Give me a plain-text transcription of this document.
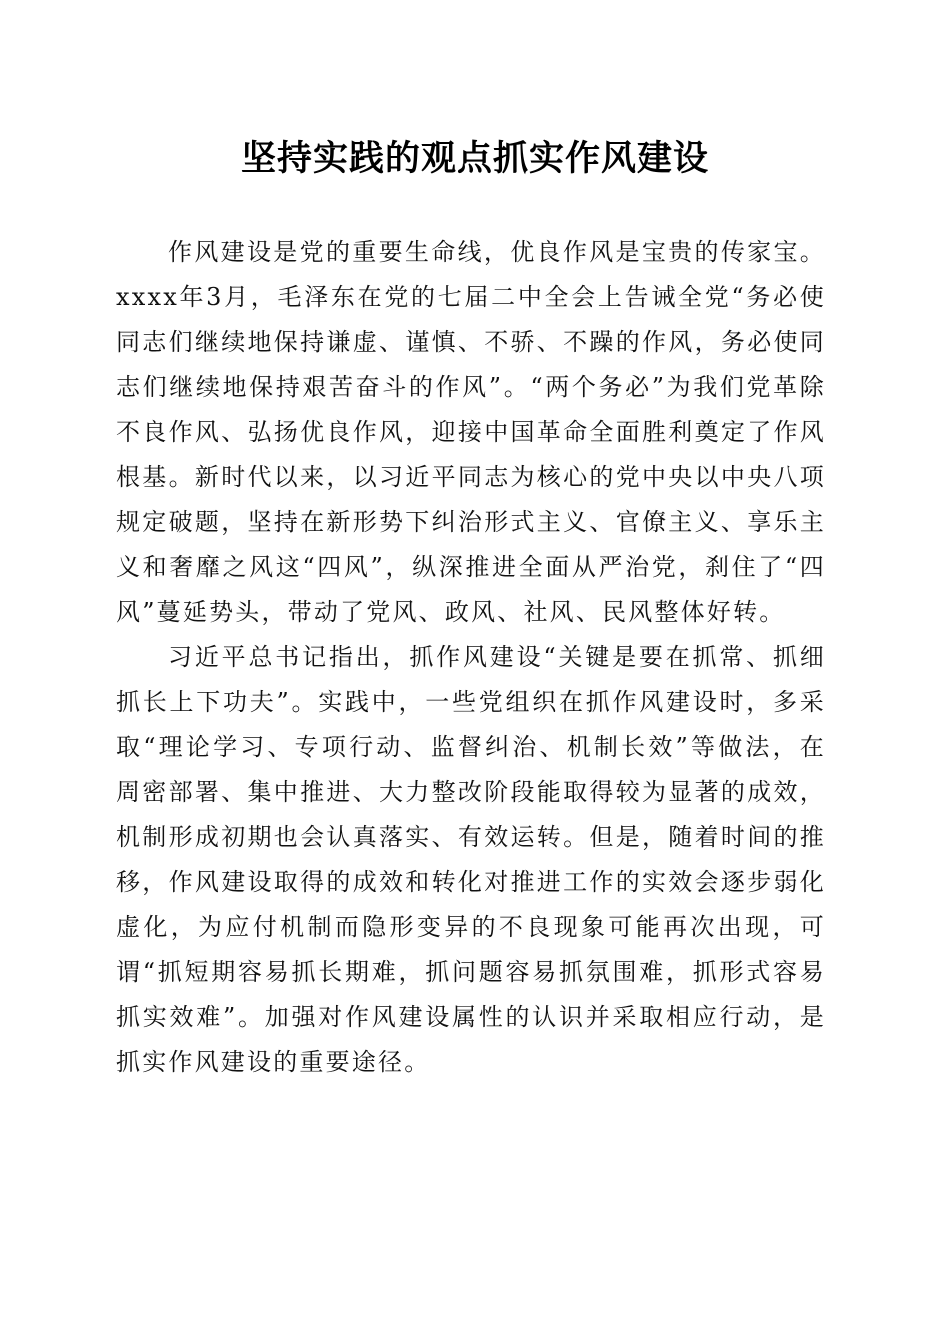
坚持实践的观点抓实作风建设

作风建设是党的重要生命线，优良作风是宝贵的传家宝。xxxx年3月，毛泽东在党的七届二中全会上告诫全党“务必使同志们继续地保持谦虚、谨慎、不骄、不躁的作风，务必使同志们继续地保持艰苦奋斗的作风”。“两个务必”为我们党革除不良作风、弘扬优良作风，迎接中国革命全面胜利奠定了作风根基。新时代以来，以习近平同志为核心的党中央以中央八项规定破题，坚持在新形势下纠治形式主义、官僚主义、享乐主义和奢靡之风这“四风”，纵深推进全面从严治党，刹住了“四风”蔓延势头，带动了党风、政风、社风、民风整体好转。

习近平总书记指出，抓作风建设“关键是要在抓常、抓细抓长上下功夫”。实践中，一些党组织在抓作风建设时，多采取“理论学习、专项行动、监督纠治、机制长效”等做法，在周密部署、集中推进、大力整改阶段能取得较为显著的成效，机制形成初期也会认真落实、有效运转。但是，随着时间的推移，作风建设取得的成效和转化对推进工作的实效会逐步弱化虚化，为应付机制而隐形变异的不良现象可能再次出现，可谓“抓短期容易抓长期难，抓问题容易抓氛围难，抓形式容易抓实效难”。加强对作风建设属性的认识并采取相应行动，是抓实作风建设的重要途径。
